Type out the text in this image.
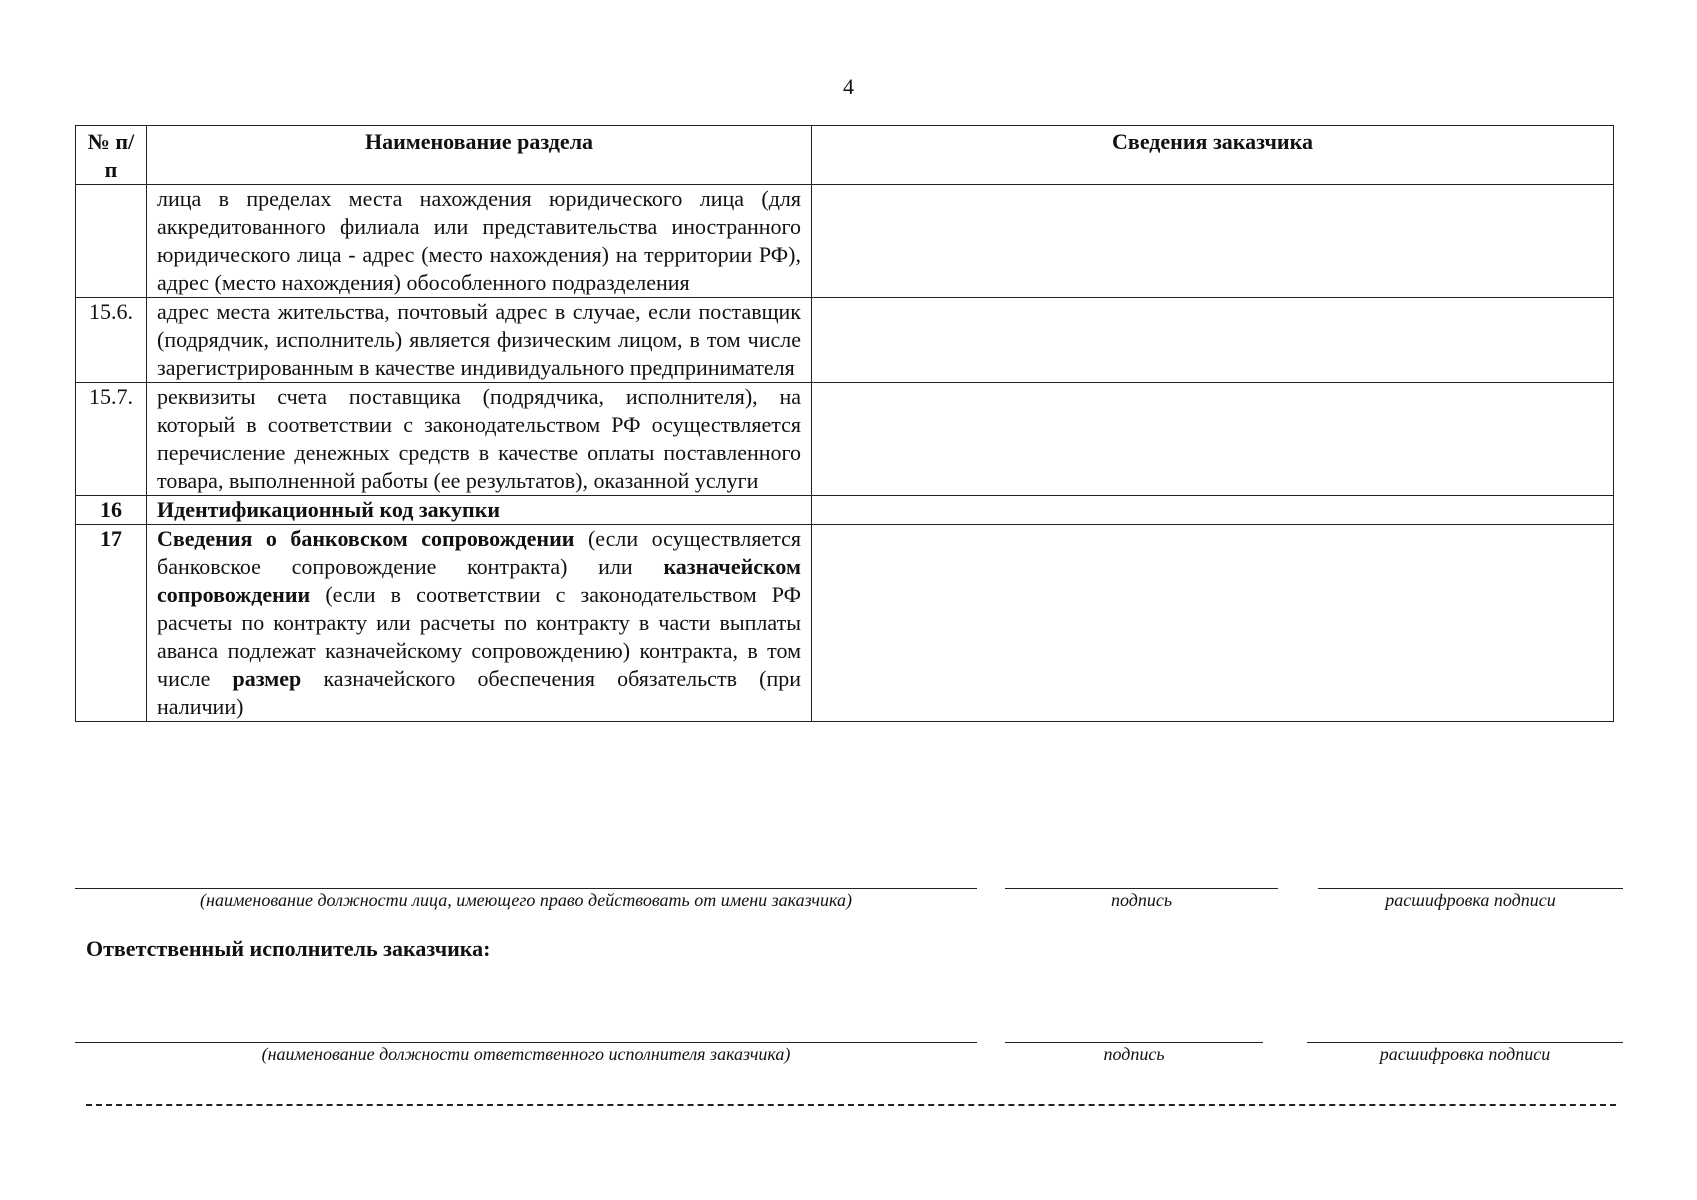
4
№ п/п	Наименование раздела	Сведения заказчика
	лица в пределах места нахождения юридического лица (для аккредитованного филиала или представительства иностранного юридического лица - адрес (место нахождения) на территории РФ), адрес (место нахождения) обособленного подразделения	
15.6.	адрес места жительства, почтовый адрес в случае, если поставщик (подрядчик, исполнитель) является физическим лицом, в том числе зарегистрированным в качестве индивидуального предпринимателя	
15.7.	реквизиты счета поставщика (подрядчика, исполнителя), на который в соответствии с законодательством РФ осуществляется перечисление денежных средств в качестве оплаты поставленного товара, выполненной работы (ее результатов), оказанной услуги	
16	Идентификационный код закупки	
17	Сведения о банковском сопровождении (если осуществляется банковское сопровождение контракта) или казначейском сопровождении (если в соответствии с законодательством РФ расчеты по контракту или расчеты по контракту в части выплаты аванса подлежат казначейскому сопровождению) контракта, в том числе размер казначейского обеспечения обязательств (при наличии)	
(наименование должности лица, имеющего право действовать от имени заказчика)	подпись	расшифровка подписи
Ответственный исполнитель заказчика:
(наименование должности ответственного исполнителя заказчика)	подпись	расшифровка подписи
